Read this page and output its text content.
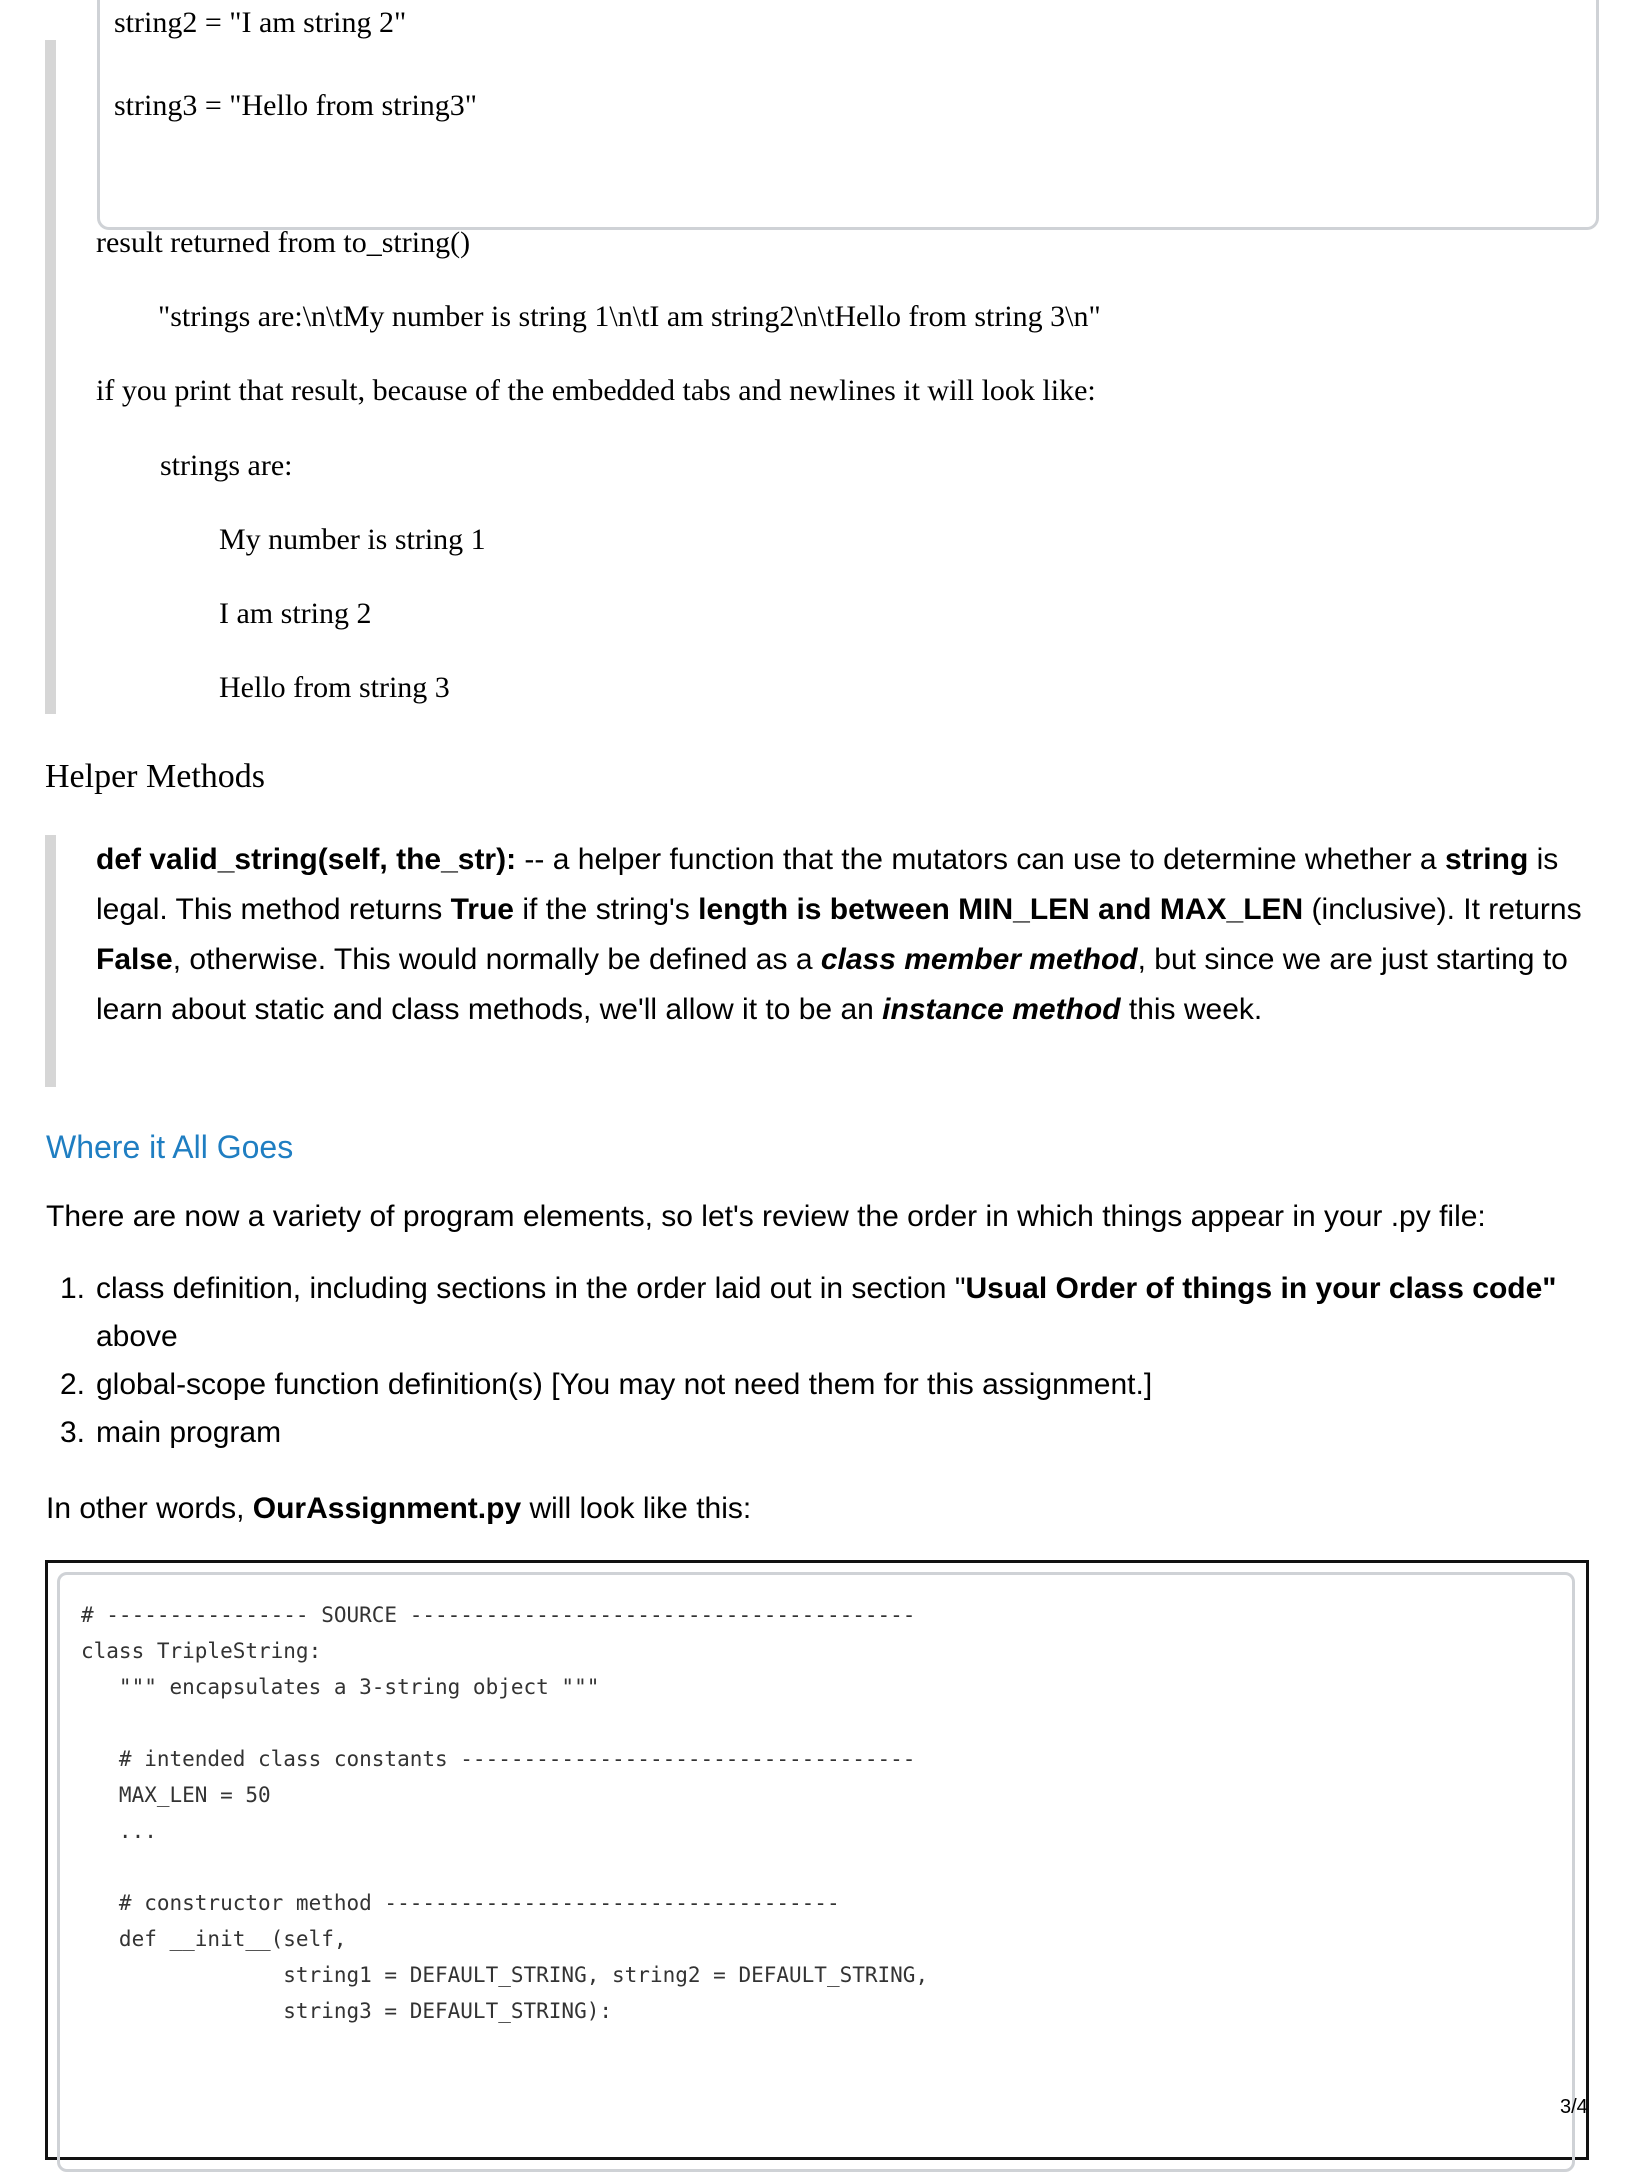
string2 = "I am string 2"
string3 = "Hello from string3"
result returned from to_string()
"strings are:\n\tMy number is string 1\n\tI am string2\n\tHello from string 3\n"
if you print that result, because of the embedded tabs and newlines it will look like:
strings are:
My number is string 1
I am string 2
Hello from string 3
Helper Methods

def valid_string(self, the_str): -- a helper function that the mutators can use to determine whether a string is legal. This method returns True if the string's length is between MIN_LEN and MAX_LEN (inclusive). It returns False, otherwise. This would normally be defined as a class member method, but since we are just starting to learn about static and class methods, we'll allow it to be an instance method this week.

Where it All Goes
There are now a variety of program elements, so let's review the order in which things appear in your .py file:
1. class definition, including sections in the order laid out in section "Usual Order of things in your class code" above
2. global-scope function definition(s) [You may not need them for this assignment.]
3. main program
In other words, OurAssignment.py will look like this:
# ---------------- SOURCE ----------------------------------------
class TripleString:
""" encapsulates a 3-string object """
# intended class constants ------------------------------------
MAX_LEN = 50
...
# constructor method ------------------------------------
def __init__(self,
string1 = DEFAULT_STRING, string2 = DEFAULT_STRING,
string3 = DEFAULT_STRING):
3/4
